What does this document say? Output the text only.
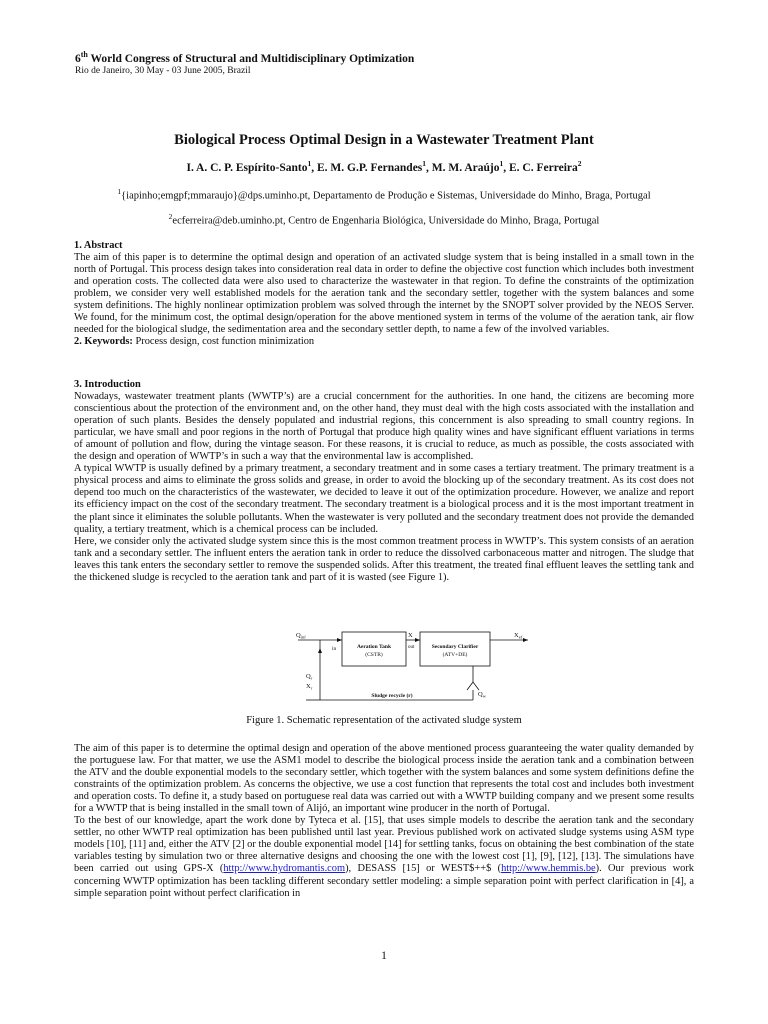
6th World Congress of Structural and Multidisciplinary Optimization
Rio de Janeiro, 30 May - 03 June 2005, Brazil
Biological Process Optimal Design in a Wastewater Treatment Plant
I. A. C. P. Espírito-Santo$^1$, E. M. G.P. Fernandes$^1$, M. M. Araújo$^1$, E. C. Ferreira$^2$
$^1${iapinho;emgpf;mmaraujo}@dps.uminho.pt, Departamento de Produção e Sistemas, Universidade do Minho, Braga, Portugal
$^2$ecferreira@deb.uminho.pt, Centro de Engenharia Biológica, Universidade do Minho, Braga, Portugal

1. Abstract

The aim of this paper is to determine the optimal design and operation of an activated sludge system that is being installed in a small town in the north of Portugal. This process design takes into consideration real data in order to define the objective cost function which includes both investment and operation costs. The collected data were also used to characterize the wastewater in that region. To define the constraints of the optimization problem, we consider very well established models for the aeration tank and the secondary settler, together with the system balances and some system definitions. The highly nonlinear optimization problem was solved through the internet by the SNOPT solver provided by the NEOS Server. We found, for the minimum cost, the optimal design/operation for the above mentioned system in terms of the volume of the aeration tank, air flow needed for the biological sludge, the sedimentation area and the secondary settler depth, to name a few of the involved variables.

2. Keywords: Process design, cost function minimization

3. Introduction

Nowadays, wastewater treatment plants (WWTP’s) are a crucial concernment for the authorities. In one hand, the citizens are becoming more conscientious about the protection of the environment and, on the other hand, they must deal with the high costs associated with the installation and operation of such plants. Besides the densely populated and industrial regions, this concernment is also spreading to small country regions. In particular, we have small and poor regions in the north of Portugal that produce high quality wines and have significant effluent variations in terms of amount of pollution and flow, during the vintage season. For these reasons, it is crucial to reduce, as much as possible, the costs associated with the design and operation of WWTP’s in such a way that the environmental law is accomplished.

A typical WWTP is usually defined by a primary treatment, a secondary treatment and in some cases a tertiary treatment. The primary treatment is a physical process and aims to eliminate the gross solids and grease, in order to avoid the blocking up of the secondary treatment. As its cost does not depend too much on the characteristics of the wastewater, we decided to leave it out of the optimization procedure. However, we analize and report its efficiency impact on the cost of the secondary treatment. The secondary treatment is a biological process and it is the most important treatment in the plant since it eliminates the soluble pollutants. When the wastewater is very polluted and the secondary treatment does not provide the demanded quality, a tertiary treatment, which is a chemical process can be included.

Here, we consider only the activated sludge system since this is the most common treatment process in WWTP’s. This system consists of an aeration tank and a secondary settler. The influent enters the aeration tank in order to reduce the dissolved carbonaceous matter and nitrogen. The sludge that leaves this tank enters the secondary settler to remove the suspended solids. After this treatment, the treated final effluent leaves the settling tank and the thickened sludge is recycled to the aeration tank and part of it is wasted (see Figure 1).

$Q_{inf}$
in
X
out
$X_{ef}$
Aeration Tank
(CSTR)
Secondary Clarifier
(ATV+DE)
$Q_r$
$X_r$
Sludge recycle (r)	$Q_w$
Figure 1. Schematic representation of the activated sludge system

The aim of this paper is to determine the optimal design and operation of the above mentioned process guaranteeing the water quality demanded by the portuguese law. For that matter, we use the ASM1 model to describe the biological process inside the aeration tank and a combination between the ATV and the double exponential models to the secondary settler, which together with the system balances and some system definitions define the constraints of the optimization problem. As concerns the objective, we use a cost function that represents the total cost and includes both investment and operation costs. To define it, a study based on portuguese real data was carried out with a WWTP building company and we present some results for a WWTP that is being installed in the small town of Alijó, an important wine producer in the north of Portugal.

To the best of our knowledge, apart the work done by Tyteca et al. [15], that uses simple models to describe the aeration tank and the secondary settler, no other WWTP real optimization has been published until last year. Previous published work on activated sludge systems using ASM type models [10], [11] and, either the ATV [2] or the double exponential model [14] for settling tanks, focus on obtaining the best combination of the state variables testing by simulation two or three alternative designs and choosing the one with the lowest cost [1], [9], [12], [13]. The simulations have been carried out using GPS-X (http://www.hydromantis.com), DESASS [15] or WEST$++$ (http://www.hemmis.be). Our previous work concerning WWTP optimization has been tackling different secondary settler modeling: a simple separation point with perfect clarification in [4], a simple separation point without perfect clarification in

1
